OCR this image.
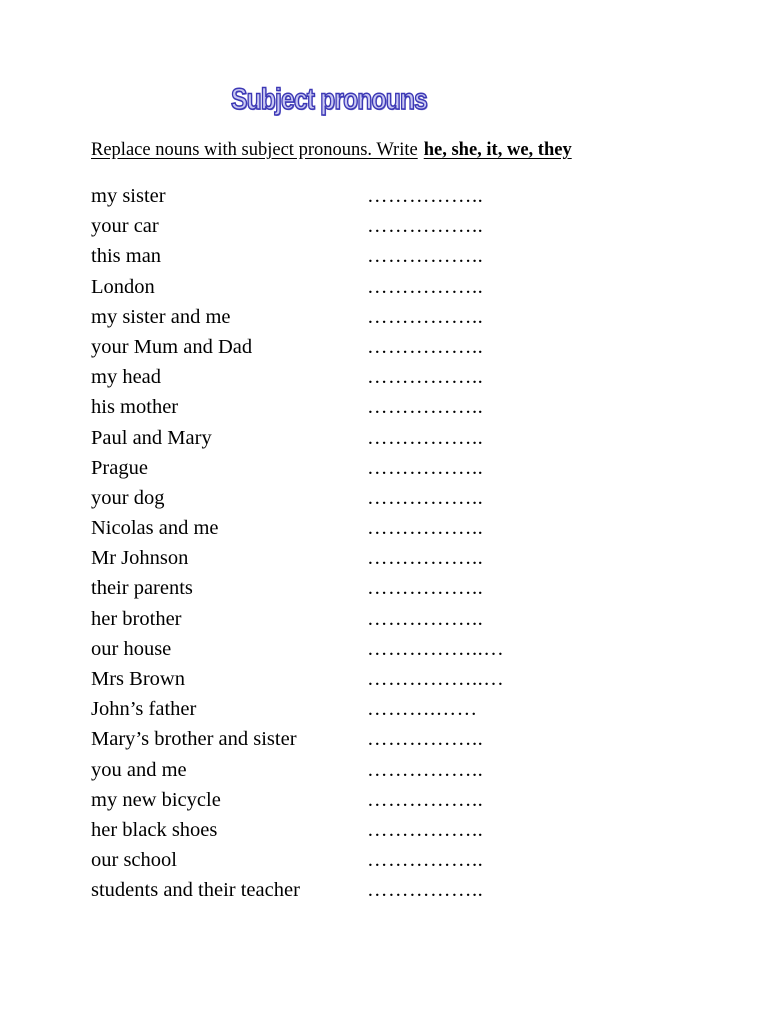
Subject pronouns
Replace nouns with subject pronouns. Write he, she, it, we, they
my sister	……………..
your car	……………..
this man	……………..
London	……………..
my sister and me	……………..
your Mum and Dad	……………..
my head	……………..
his mother	……………..
Paul and Mary	……………..
Prague	……………..
your dog	……………..
Nicolas and me	……………..
Mr Johnson	……………..
their parents	……………..
her brother	……………..
our house	……………..…
Mrs Brown	……………..…
John’s father	……….……
Mary’s brother and sister	……………..
you and me	……………..
my new bicycle	……………..
her black shoes	……………..
our school	……………..
students and their teacher	……………..
